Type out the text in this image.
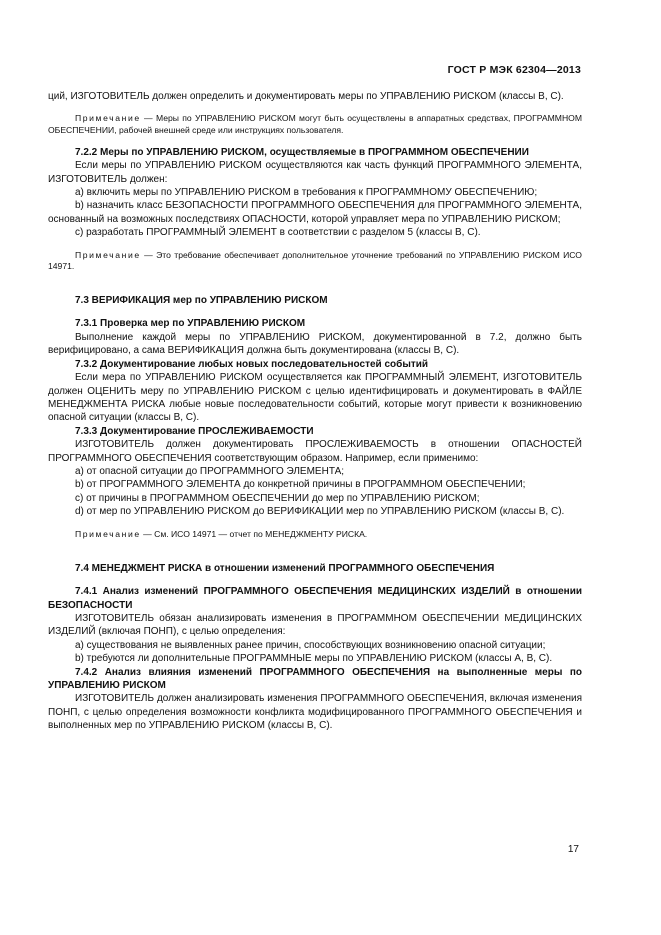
ГОСТ Р МЭК 62304—2013

ций, ИЗГОТОВИТЕЛЬ должен определить и документировать меры по УПРАВЛЕНИЮ РИСКОМ (классы В, С).

Примечание — Меры по УПРАВЛЕНИЮ РИСКОМ могут быть осуществлены в аппаратных средствах, ПРОГРАММНОМ ОБЕСПЕЧЕНИИ, рабочей внешней среде или инструкциях пользователя.

7.2.2 Меры по УПРАВЛЕНИЮ РИСКОМ, осуществляемые в ПРОГРАММНОМ ОБЕСПЕЧЕНИИ

Если меры по УПРАВЛЕНИЮ РИСКОМ осуществляются как часть функций ПРОГРАММНОГО ЭЛЕМЕНТА, ИЗГОТОВИТЕЛЬ должен:

а) включить меры по УПРАВЛЕНИЮ РИСКОМ в требования к ПРОГРАММНОМУ ОБЕСПЕЧЕНИЮ;

b) назначить класс БЕЗОПАСНОСТИ ПРОГРАММНОГО ОБЕСПЕЧЕНИЯ для ПРОГРАММНОГО ЭЛЕМЕНТА, основанный на возможных последствиях ОПАСНОСТИ, которой управляет мера по УПРАВЛЕНИЮ РИСКОМ;

с) разработать ПРОГРАММНЫЙ ЭЛЕМЕНТ в соответствии с разделом 5 (классы В, С).

Примечание — Это требование обеспечивает дополнительное уточнение требований по УПРАВЛЕНИЮ РИСКОМ ИСО 14971.

7.3 ВЕРИФИКАЦИЯ мер по УПРАВЛЕНИЮ РИСКОМ

7.3.1 Проверка мер по УПРАВЛЕНИЮ РИСКОМ

Выполнение каждой меры по УПРАВЛЕНИЮ РИСКОМ, документированной в 7.2, должно быть верифицировано, а сама ВЕРИФИКАЦИЯ должна быть документирована (классы В, С).

7.3.2 Документирование любых новых последовательностей событий

Если мера по УПРАВЛЕНИЮ РИСКОМ осуществляется как ПРОГРАММНЫЙ ЭЛЕМЕНТ, ИЗГОТОВИТЕЛЬ должен ОЦЕНИТЬ меру по УПРАВЛЕНИЮ РИСКОМ с целью идентифицировать и документировать в ФАЙЛЕ МЕНЕДЖМЕНТА РИСКА любые новые последовательности событий, которые могут привести к возникновению опасной ситуации (классы В, С).

7.3.3 Документирование ПРОСЛЕЖИВАЕМОСТИ

ИЗГОТОВИТЕЛЬ должен документировать ПРОСЛЕЖИВАЕМОСТЬ в отношении ОПАСНОСТЕЙ ПРОГРАММНОГО ОБЕСПЕЧЕНИЯ соответствующим образом. Например, если применимо:

а) от опасной ситуации до ПРОГРАММНОГО ЭЛЕМЕНТА;

b) от ПРОГРАММНОГО ЭЛЕМЕНТА до конкретной причины в ПРОГРАММНОМ ОБЕСПЕЧЕНИИ;

с) от причины в ПРОГРАММНОМ ОБЕСПЕЧЕНИИ до мер по УПРАВЛЕНИЮ РИСКОМ;

d) от мер по УПРАВЛЕНИЮ РИСКОМ до ВЕРИФИКАЦИИ мер по УПРАВЛЕНИЮ РИСКОМ (классы В, С).

Примечание — См. ИСО 14971 — отчет по МЕНЕДЖМЕНТУ РИСКА.

7.4 МЕНЕДЖМЕНТ РИСКА в отношении изменений ПРОГРАММНОГО ОБЕСПЕЧЕНИЯ

7.4.1 Анализ изменений ПРОГРАММНОГО ОБЕСПЕЧЕНИЯ МЕДИЦИНСКИХ ИЗДЕЛИЙ в отношении БЕЗОПАСНОСТИ

ИЗГОТОВИТЕЛЬ обязан анализировать изменения в ПРОГРАММНОМ ОБЕСПЕЧЕНИИ МЕДИЦИНСКИХ ИЗДЕЛИЙ (включая ПОНП), с целью определения:

а) существования не выявленных ранее причин, способствующих возникновению опасной ситуации;

b) требуются ли дополнительные ПРОГРАММНЫЕ меры по УПРАВЛЕНИЮ РИСКОМ (классы А, В, С).

7.4.2 Анализ влияния изменений ПРОГРАММНОГО ОБЕСПЕЧЕНИЯ на выполненные меры по УПРАВЛЕНИЮ РИСКОМ

ИЗГОТОВИТЕЛЬ должен анализировать изменения ПРОГРАММНОГО ОБЕСПЕЧЕНИЯ, включая изменения ПОНП, с целью определения возможности конфликта модифицированного ПРОГРАММНОГО ОБЕСПЕЧЕНИЯ и выполненных мер по УПРАВЛЕНИЮ РИСКОМ (классы В, С).

17
